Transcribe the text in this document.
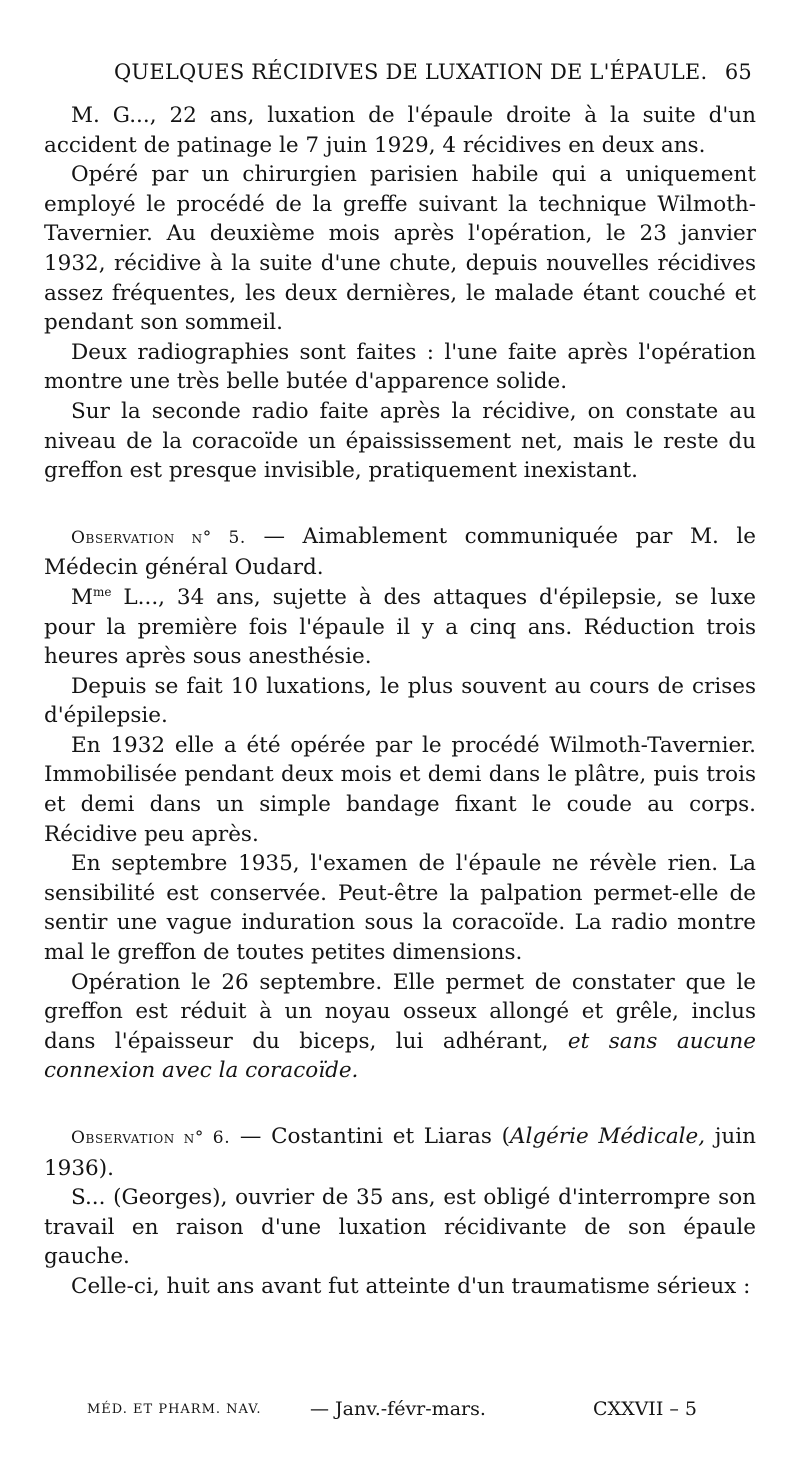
QUELQUES RÉCIDIVES DE LUXATION DE L'ÉPAULE. 65

M. G..., 22 ans, luxation de l'épaule droite à la suite d'un accident de patinage le 7 juin 1929, 4 récidives en deux ans.

Opéré par un chirurgien parisien habile qui a uniquement employé le procédé de la greffe suivant la technique Wilmoth-Tavernier. Au deuxième mois après l'opération, le 23 janvier 1932, récidive à la suite d'une chute, depuis nouvelles récidives assez fréquentes, les deux dernières, le malade étant couché et pendant son sommeil.

Deux radiographies sont faites : l'une faite après l'opération montre une très belle butée d'apparence solide.

Sur la seconde radio faite après la récidive, on constate au niveau de la coracoïde un épaississement net, mais le reste du greffon est presque invisible, pratiquement inexistant.

Observation n° 5. — Aimablement communiquée par M. le Médecin général Oudard.

$M^{me}$ L..., 34 ans, sujette à des attaques d'épilepsie, se luxe pour la première fois l'épaule il y a cinq ans. Réduction trois heures après sous anesthésie.

Depuis se fait 10 luxations, le plus souvent au cours de crises d'épilepsie.

En 1932 elle a été opérée par le procédé Wilmoth-Tavernier. Immobilisée pendant deux mois et demi dans le plâtre, puis trois et demi dans un simple bandage fixant le coude au corps. Récidive peu après.

En septembre 1935, l'examen de l'épaule ne révèle rien. La sensibilité est conservée. Peut-être la palpation permet-elle de sentir une vague induration sous la coracoïde. La radio montre mal le greffon de toutes petites dimensions.

Opération le 26 septembre. Elle permet de constater que le greffon est réduit à un noyau osseux allongé et grêle, inclus dans l'épaisseur du biceps, lui adhérant, et sans aucune connexion avec la coracoïde.

Observation n° 6. — Costantini et Liaras (Algérie Médicale, juin 1936).

S... (Georges), ouvrier de 35 ans, est obligé d'interrompre son travail en raison d'une luxation récidivante de son épaule gauche.

Celle-ci, huit ans avant fut atteinte d'un traumatisme sérieux :

MÉD. ET PHARM. NAV.	— Janv.-févr-mars.	CXXVII – 5
